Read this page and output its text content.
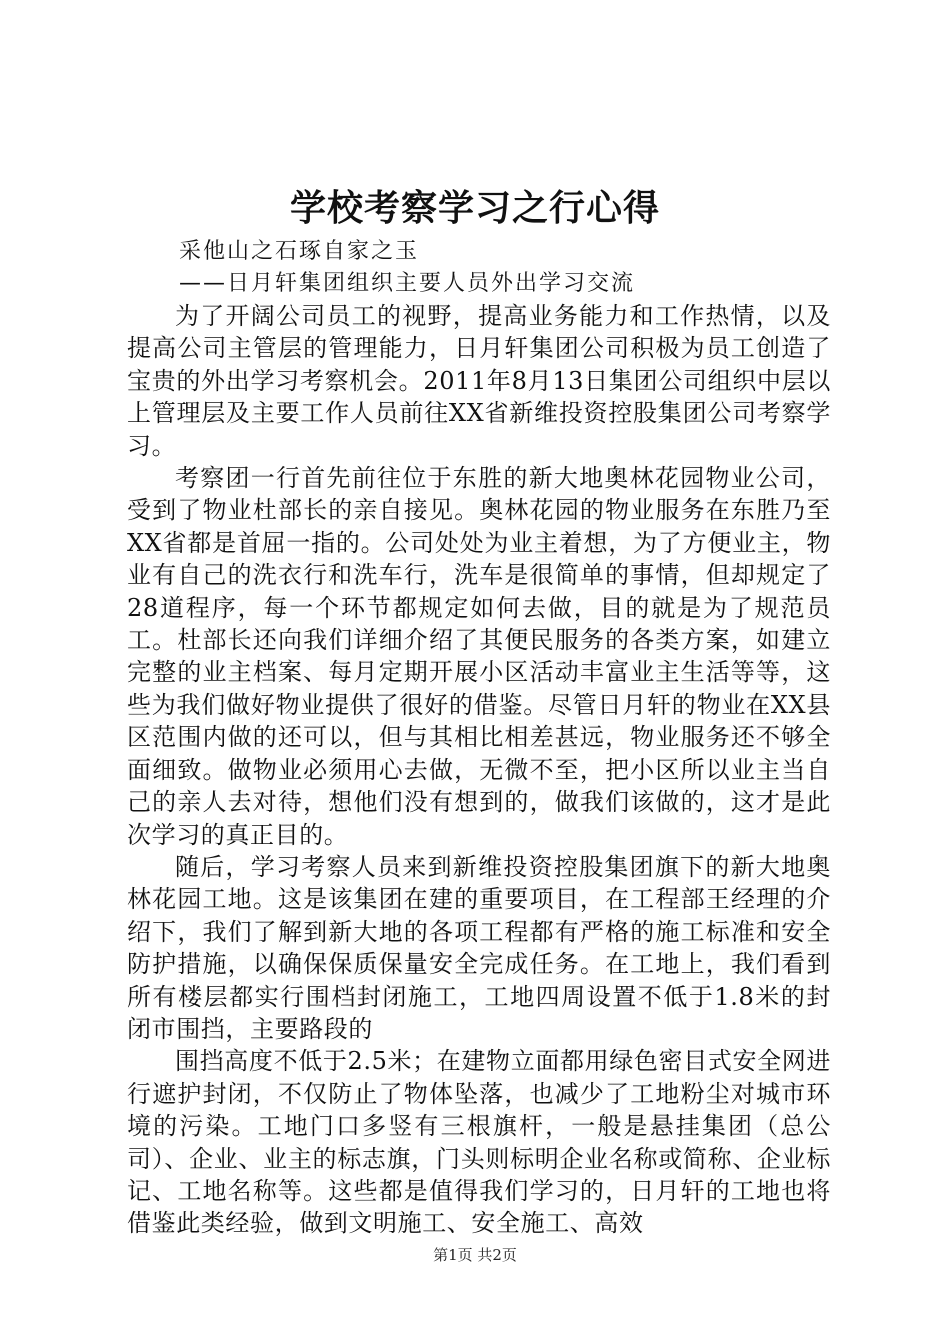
学校考察学习之行心得

采他山之石琢自家之玉

——日月轩集团组织主要人员外出学习交流

为了开阔公司员工的视野，提高业务能力和工作热情，以及提高公司主管层的管理能力，日月轩集团公司积极为员工创造了宝贵的外出学习考察机会。2011年8月13日集团公司组织中层以上管理层及主要工作人员前往XX省新维投资控股集团公司考察学习。

考察团一行首先前往位于东胜的新大地奥林花园物业公司，受到了物业杜部长的亲自接见。奥林花园的物业服务在东胜乃至XX省都是首屈一指的。公司处处为业主着想，为了方便业主，物业有自己的洗衣行和洗车行，洗车是很简单的事情，但却规定了28道程序，每一个环节都规定如何去做，目的就是为了规范员工。杜部长还向我们详细介绍了其便民服务的各类方案，如建立完整的业主档案、每月定期开展小区活动丰富业主生活等等，这些为我们做好物业提供了很好的借鉴。尽管日月轩的物业在XX县区范围内做的还可以，但与其相比相差甚远，物业服务还不够全面细致。做物业必须用心去做，无微不至，把小区所以业主当自己的亲人去对待，想他们没有想到的，做我们该做的，这才是此次学习的真正目的。

随后，学习考察人员来到新维投资控股集团旗下的新大地奥林花园工地。这是该集团在建的重要项目，在工程部王经理的介绍下，我们了解到新大地的各项工程都有严格的施工标准和安全防护措施，以确保保质保量安全完成任务。在工地上，我们看到所有楼层都实行围档封闭施工，工地四周设置不低于1.8米的封闭市围挡，主要路段的

围挡高度不低于2.5米；在建物立面都用绿色密目式安全网进行遮护封闭，不仅防止了物体坠落，也减少了工地粉尘对城市环境的污染。工地门口多竖有三根旗杆，一般是悬挂集团（总公司）、企业、业主的标志旗，门头则标明企业名称或简称、企业标记、工地名称等。这些都是值得我们学习的，日月轩的工地也将借鉴此类经验，做到文明施工、安全施工、高效

第1页 共2页
